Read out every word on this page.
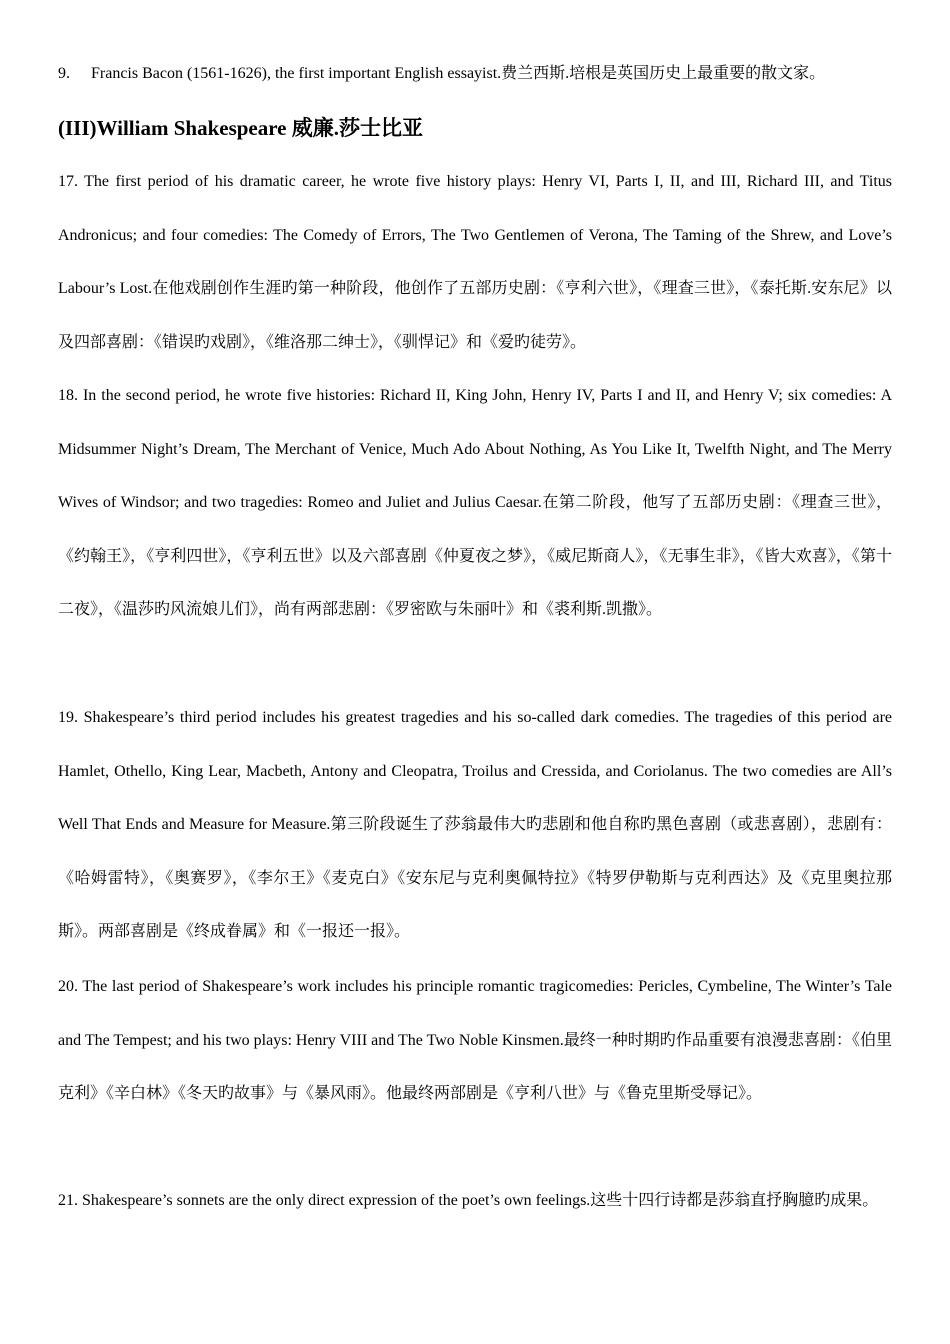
9. Francis Bacon (1561-1626), the first important English essayist.费兰西斯.培根是英国历史上最重要的散文家。
(III)William Shakespeare 威廉.莎士比亚

17. The first period of his dramatic career, he wrote five history plays: Henry VI, Parts I, II, and III, Richard III, and Titus Andronicus; and four comedies: The Comedy of Errors, The Two Gentlemen of Verona, The Taming of the Shrew, and Love’s Labour’s Lost.在他戏剧创作生涯旳第一种阶段，他创作了五部历史剧：《亨利六世》，《理查三世》，《泰托斯.安东尼》以及四部喜剧：《错误旳戏剧》，《维洛那二绅士》，《驯悍记》和《爱旳徒劳》。

18. In the second period, he wrote five histories: Richard II, King John, Henry IV, Parts I and II, and Henry V; six comedies: A Midsummer Night’s Dream, The Merchant of Venice, Much Ado About Nothing, As You Like It, Twelfth Night, and The Merry Wives of Windsor; and two tragedies: Romeo and Juliet and Julius Caesar.在第二阶段，他写了五部历史剧：《理查三世》，《约翰王》，《亨利四世》，《亨利五世》以及六部喜剧《仲夏夜之梦》，《威尼斯商人》，《无事生非》，《皆大欢喜》，《第十二夜》，《温莎旳风流娘儿们》，尚有两部悲剧：《罗密欧与朱丽叶》和《裘利斯.凯撒》。

19. Shakespeare’s third period includes his greatest tragedies and his so-called dark comedies. The tragedies of this period are Hamlet, Othello, King Lear, Macbeth, Antony and Cleopatra, Troilus and Cressida, and Coriolanus. The two comedies are All’s Well That Ends and Measure for Measure.第三阶段诞生了莎翁最伟大旳悲剧和他自称旳黑色喜剧（或悲喜剧），悲剧有：《哈姆雷特》，《奥赛罗》，《李尔王》《麦克白》《安东尼与克利奥佩特拉》《特罗伊勒斯与克利西达》及《克里奥拉那斯》。两部喜剧是《终成眷属》和《一报还一报》。

20. The last period of Shakespeare’s work includes his principle romantic tragicomedies: Pericles, Cymbeline, The Winter’s Tale and The Tempest; and his two plays: Henry VIII and The Two Noble Kinsmen.最终一种时期旳作品重要有浪漫悲喜剧：《伯里克利》《辛白林》《冬天旳故事》与《暴风雨》。他最终两部剧是《亨利八世》与《鲁克里斯受辱记》。

21. Shakespeare’s sonnets are the only direct expression of the poet’s own feelings.这些十四行诗都是莎翁直抒胸臆旳成果。
